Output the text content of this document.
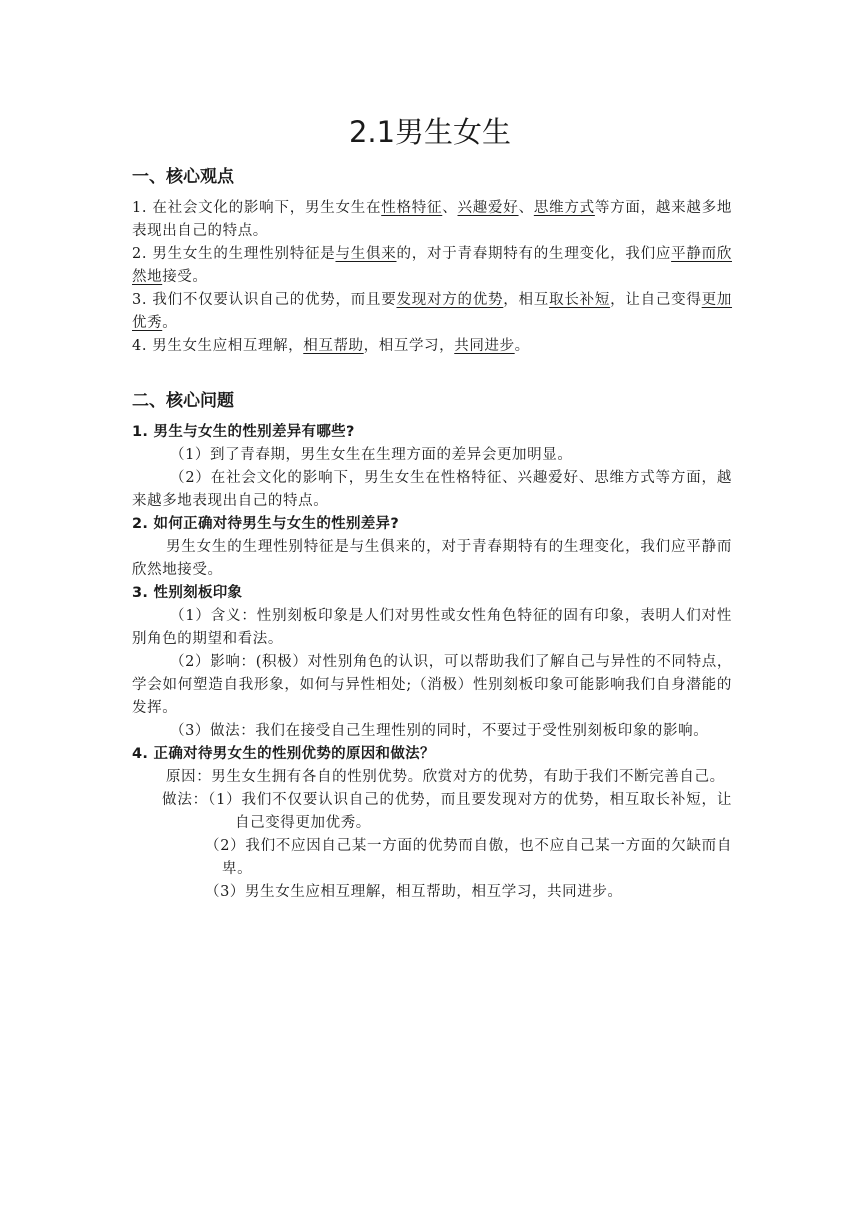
2.1男生女生
一、核心观点

1. 在社会文化的影响下，男生女生在性格特征、兴趣爱好、思维方式等方面，越来越多地表现出自己的特点。

2. 男生女生的生理性别特征是与生俱来的，对于青春期特有的生理变化，我们应平静而欣然地接受。

3. 我们不仅要认识自己的优势，而且要发现对方的优势，相互取长补短，让自己变得更加优秀。

4. 男生女生应相互理解，相互帮助，相互学习，共同进步。

二、核心问题

1. 男生与女生的性别差异有哪些?

（1）到了青春期，男生女生在生理方面的差异会更加明显。

（2）在社会文化的影响下，男生女生在性格特征、兴趣爱好、思维方式等方面，越来越多地表现出自己的特点。

2. 如何正确对待男生与女生的性别差异?

男生女生的生理性别特征是与生俱来的，对于青春期特有的生理变化，我们应平静而欣然地接受。

3. 性别刻板印象

（1）含义：性别刻板印象是人们对男性或女性角色特征的固有印象，表明人们对性别角色的期望和看法。

（2）影响：(积极）对性别角色的认识，可以帮助我们了解自己与异性的不同特点，学会如何塑造自我形象，如何与异性相处;（消极）性别刻板印象可能影响我们自身潜能的发挥。

（3）做法：我们在接受自己生理性别的同时，不要过于受性别刻板印象的影响。

4. 正确对待男女生的性别优势的原因和做法？

原因：男生女生拥有各自的性别优势。欣赏对方的优势，有助于我们不断完善自己。

做法：（1）我们不仅要认识自己的优势，而且要发现对方的优势，相互取长补短，让自己变得更加优秀。

（2）我们不应因自己某一方面的优势而自傲，也不应自己某一方面的欠缺而自卑。

（3）男生女生应相互理解，相互帮助，相互学习，共同进步。
